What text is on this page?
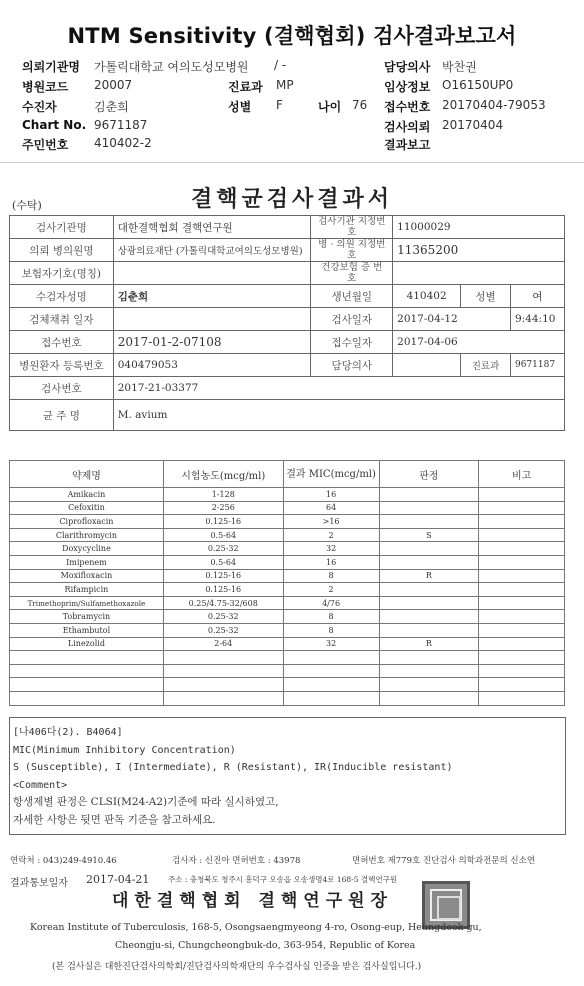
NTM Sensitivity (결핵협회) 검사결과보고서
의뢰기관명 가톨릭대학교 여의도성모병원 / -	담당의사 박찬권
병원코드 20007	진료과 MP	임상정보 O16150UP0
수진자	김춘희	성별 F	나이 76 접수번호 20170404-79053
Chart No. 9671187	검사의뢰 20170404
주민번호 410402-2	결과보고
(수탁)	결핵균검사결과서
검사기관명	대한결핵협회 결핵연구원	검사기관 지정번호	11000029		
의뢰 병의원명	상광의료재단 (가톨릭대학교여의도성모병원)	병 · 의원 지정번호	11365200		
보험자기호(명칭)		건강보험 증 번 호			
수검자성명	김춘희	생년월일	410402	성별	여
검체채취 일자		검사일자	2017-04-12		9:44:10
접수번호	2017-01-2-07108	접수일자	2017-04-06		
병원환자 등록번호	040479053	담당의사		진료과	9671187
검사번호	2017-21-03377				
균 주 명	M. avium				
약제명	시험농도(mcg/ml)	결과 MIC(mcg/ml)	판정	비고
Amikacin	1-128	16		
Cefoxitin	2-256	64		
Ciprofloxacin	0.125-16	>16		
Clarithromycin	0.5-64	2	S	
Doxycycline	0.25-32	32		
Imipenem	0.5-64	16		
Moxifloxacin	0.125-16	8	R	
Rifampicin	0.125-16	2		
Trimethoprim/Sulfamethoxazole	0.25/4.75-32/608	4/76		
Tobramycin	0.25-32	8		
Ethambutol	0.25-32	8		
Linezolid	2-64	32	R	

[나406다(2). B4064]
MIC(Minimum Inhibitory Concentration)
S (Susceptible), I (Intermediate), R (Resistant), IR(Inducible resistant)
<Comment>
항생제별 판정은 CLSI(M24-A2)기준에 따라 실시하였고,
자세한 사항은 뒷면 판독 기준을 참고하세요.
연락처 : 043)249-4910.46	검사자 : 신진아 면허번호 : 43978	면허번호 제779호 진단검사 의학과전문의 신소연
결과통보일자 2017-04-21 주소 : 충청북도 청주시 흥덕구 오송읍 오송생명4로 168-5 결핵연구원
대한결핵협회 결핵연구원장
Korean Institute of Tuberculosis, 168-5, Osongsaengmyeong 4-ro, Osong-eup, Heungdeok-gu,
Cheongju-si, Chungcheongbuk-do, 363-954, Republic of Korea
(본 검사실은 대한진단검사의학회/진단검사의학재단의 우수검사실 인증을 받은 검사실입니다.)
